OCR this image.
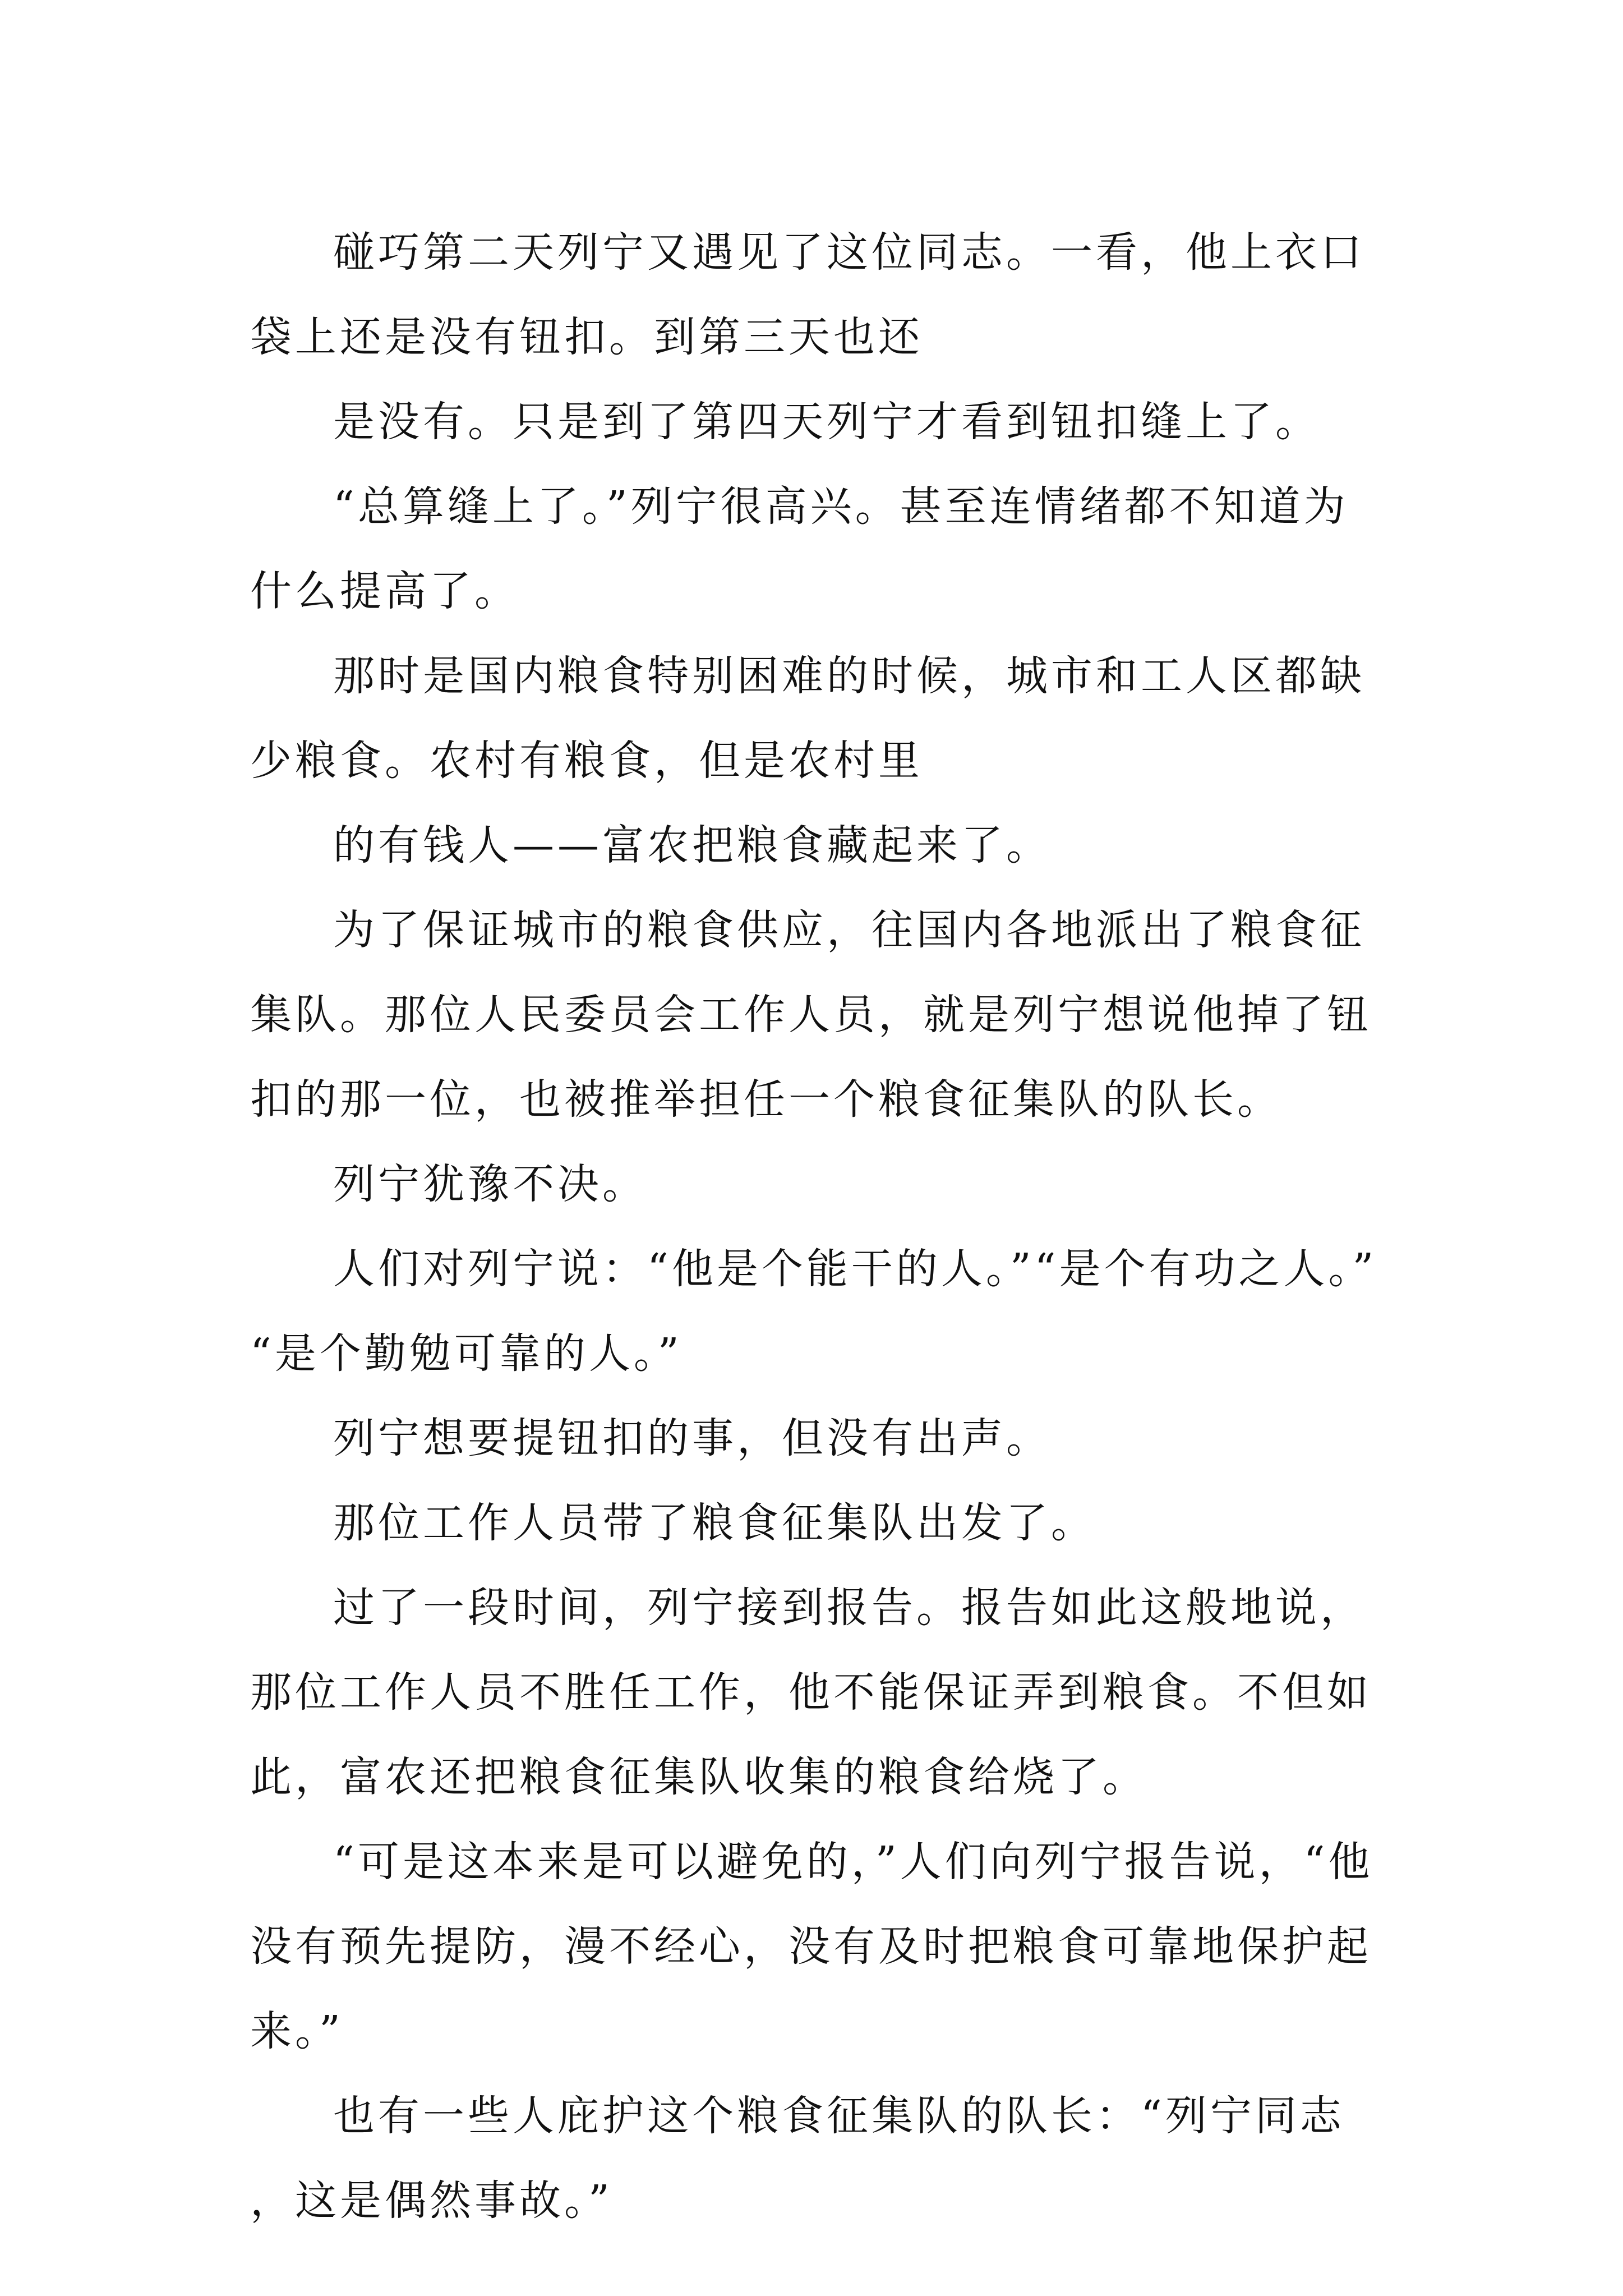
碰巧第二天列宁又遇见了这位同志。一看，他上衣口袋上还是没有钮扣。到第三天也还

是没有。只是到了第四天列宁才看到钮扣缝上了。

“总算缝上了。”列宁很高兴。甚至连情绪都不知道为什么提高了。

那时是国内粮食特别困难的时候，城市和工人区都缺少粮食。农村有粮食，但是农村里

的有钱人——富农把粮食藏起来了。

为了保证城市的粮食供应，往国内各地派出了粮食征集队。那位人民委员会工作人员，就是列宁想说他掉了钮扣的那一位，也被推举担任一个粮食征集队的队长。

列宁犹豫不决。

人们对列宁说：“他是个能干的人。”“是个有功之人。”“是个勤勉可靠的人。”

列宁想要提钮扣的事，但没有出声。

那位工作人员带了粮食征集队出发了。

过了一段时间，列宁接到报告。报告如此这般地说，那位工作人员不胜任工作，他不能保证弄到粮食。不但如此，富农还把粮食征集队收集的粮食给烧了。

“可是这本来是可以避免的，”人们向列宁报告说，“他没有预先提防，漫不经心，没有及时把粮食可靠地保护起来。”

也有一些人庇护这个粮食征集队的队长：“列宁同志，这是偶然事故。”
